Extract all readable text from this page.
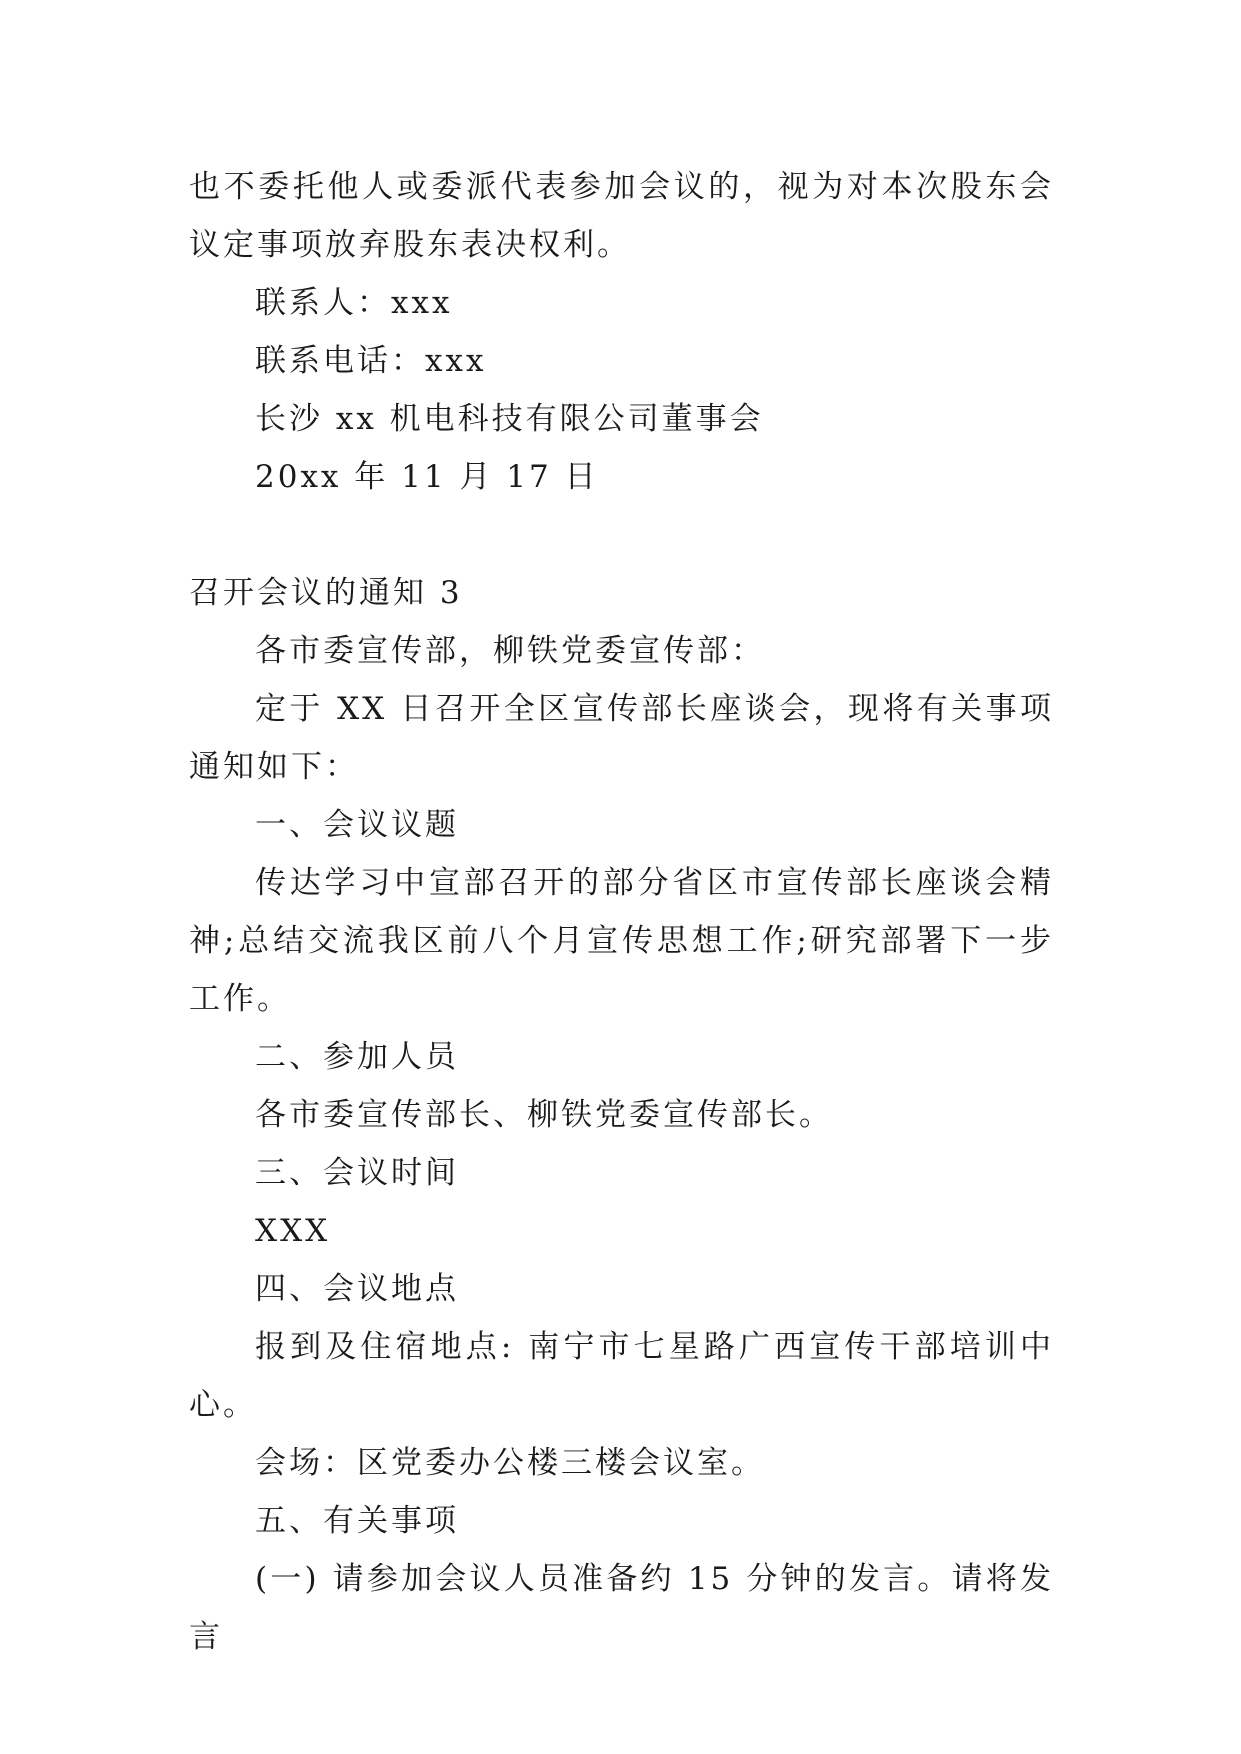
也不委托他人或委派代表参加会议的，视为对本次股东会议定事项放弃股东表决权利。

联系人：xxx

联系电话：xxx

长沙 xx 机电科技有限公司董事会

20xx 年 11 月 17 日

召开会议的通知 3

各市委宣传部，柳铁党委宣传部：

定于 XX 日召开全区宣传部长座谈会，现将有关事项通知如下：

一、会议议题

传达学习中宣部召开的部分省区市宣传部长座谈会精神;总结交流我区前八个月宣传思想工作;研究部署下一步工作。

二、参加人员

各市委宣传部长、柳铁党委宣传部长。

三、会议时间

XXX

四、会议地点

报到及住宿地点: 南宁市七星路广西宣传干部培训中心。

会场：区党委办公楼三楼会议室。

五、有关事项

(一) 请参加会议人员准备约 15 分钟的发言。请将发言
